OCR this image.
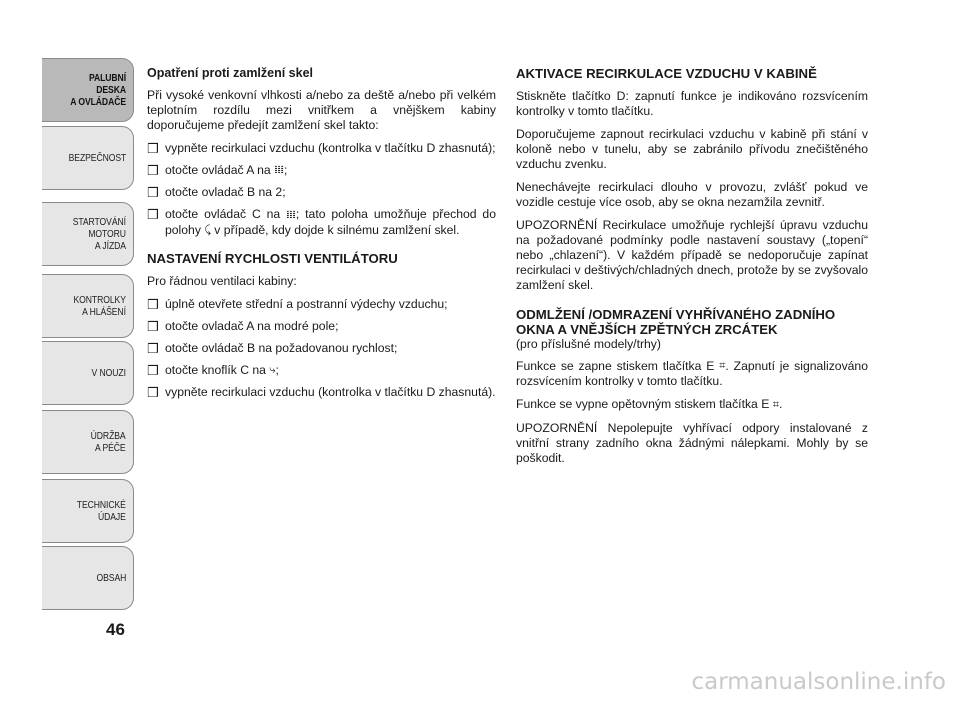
PALUBNÍ DESKA
A OVLÁDAČE
BEZPEČNOST
STARTOVÁNÍ
MOTORU
A JÍZDA
KONTROLKY
A HLÁŠENÍ
V NOUZI
ÚDRŽBA
A PÉČE
TECHNICKÉ
ÚDAJE
OBSAH
46
Opatření proti zamlžení skel

Při vysoké venkovní vlhkosti a/nebo za deště a/nebo při velkém teplotním rozdílu mezi vnitřkem a vnějškem kabiny doporučujeme předejít zamlžení skel takto:

❒ vypněte recirkulaci vzduchu (kontrolka v tlačítku D zhasnutá);
❒ otočte ovládač A na 𝍖;
❒ otočte ovladač B na 2;
❒ otočte ovládač C na 𝍖; tato poloha umožňuje přechod do polohy ⤹ v případě, kdy dojde k silnému zamlžení skel.
NASTAVENÍ RYCHLOSTI VENTILÁTORU

Pro řádnou ventilaci kabiny:

❒ úplně otevřete střední a postranní výdechy vzduchu;
❒ otočte ovladač A na modré pole;
❒ otočte ovládač B na požadovanou rychlost;
❒ otočte knoflík C na ⤷;
❒ vypněte recirkulaci vzduchu (kontrolka v tlačítku D zhasnutá).
AKTIVACE RECIRKULACE VZDUCHU V KABINĚ

Stiskněte tlačítko D: zapnutí funkce je indikováno rozsvícením kontrolky v tomto tlačítku.

Doporučujeme zapnout recirkulaci vzduchu v kabině při stání v koloně nebo v tunelu, aby se zabránilo přívodu znečištěného vzduchu zvenku.

Nenechávejte recirkulaci dlouho v provozu, zvlášť pokud ve vozidle cestuje více osob, aby se okna nezamžila zevnitř.

UPOZORNĚNÍ Recirkulace umožňuje rychlejší úpravu vzduchu na požadované podmínky podle nastavení soustavy („topení“ nebo „chlazení“). V každém případě se nedoporučuje zapínat recirkulaci v deštivých/chladných dnech, protože by se zvyšovalo zamlžení skel.

ODMLŽENÍ /ODMRAZENÍ VYHŘÍVANÉHO ZADNÍHO OKNA A VNĚJŠÍCH ZPĚTNÝCH ZRCÁTEK

(pro příslušné modely/trhy)

Funkce se zapne stiskem tlačítka E ⌗. Zapnutí je signalizováno rozsvícením kontrolky v tomto tlačítku.

Funkce se vypne opětovným stiskem tlačítka E ⌗.

UPOZORNĚNÍ Nepolepujte vyhřívací odpory instalované z vnitřní strany zadního okna žádnými nálepkami. Mohly by se poškodit.

carmanualsonline.info
